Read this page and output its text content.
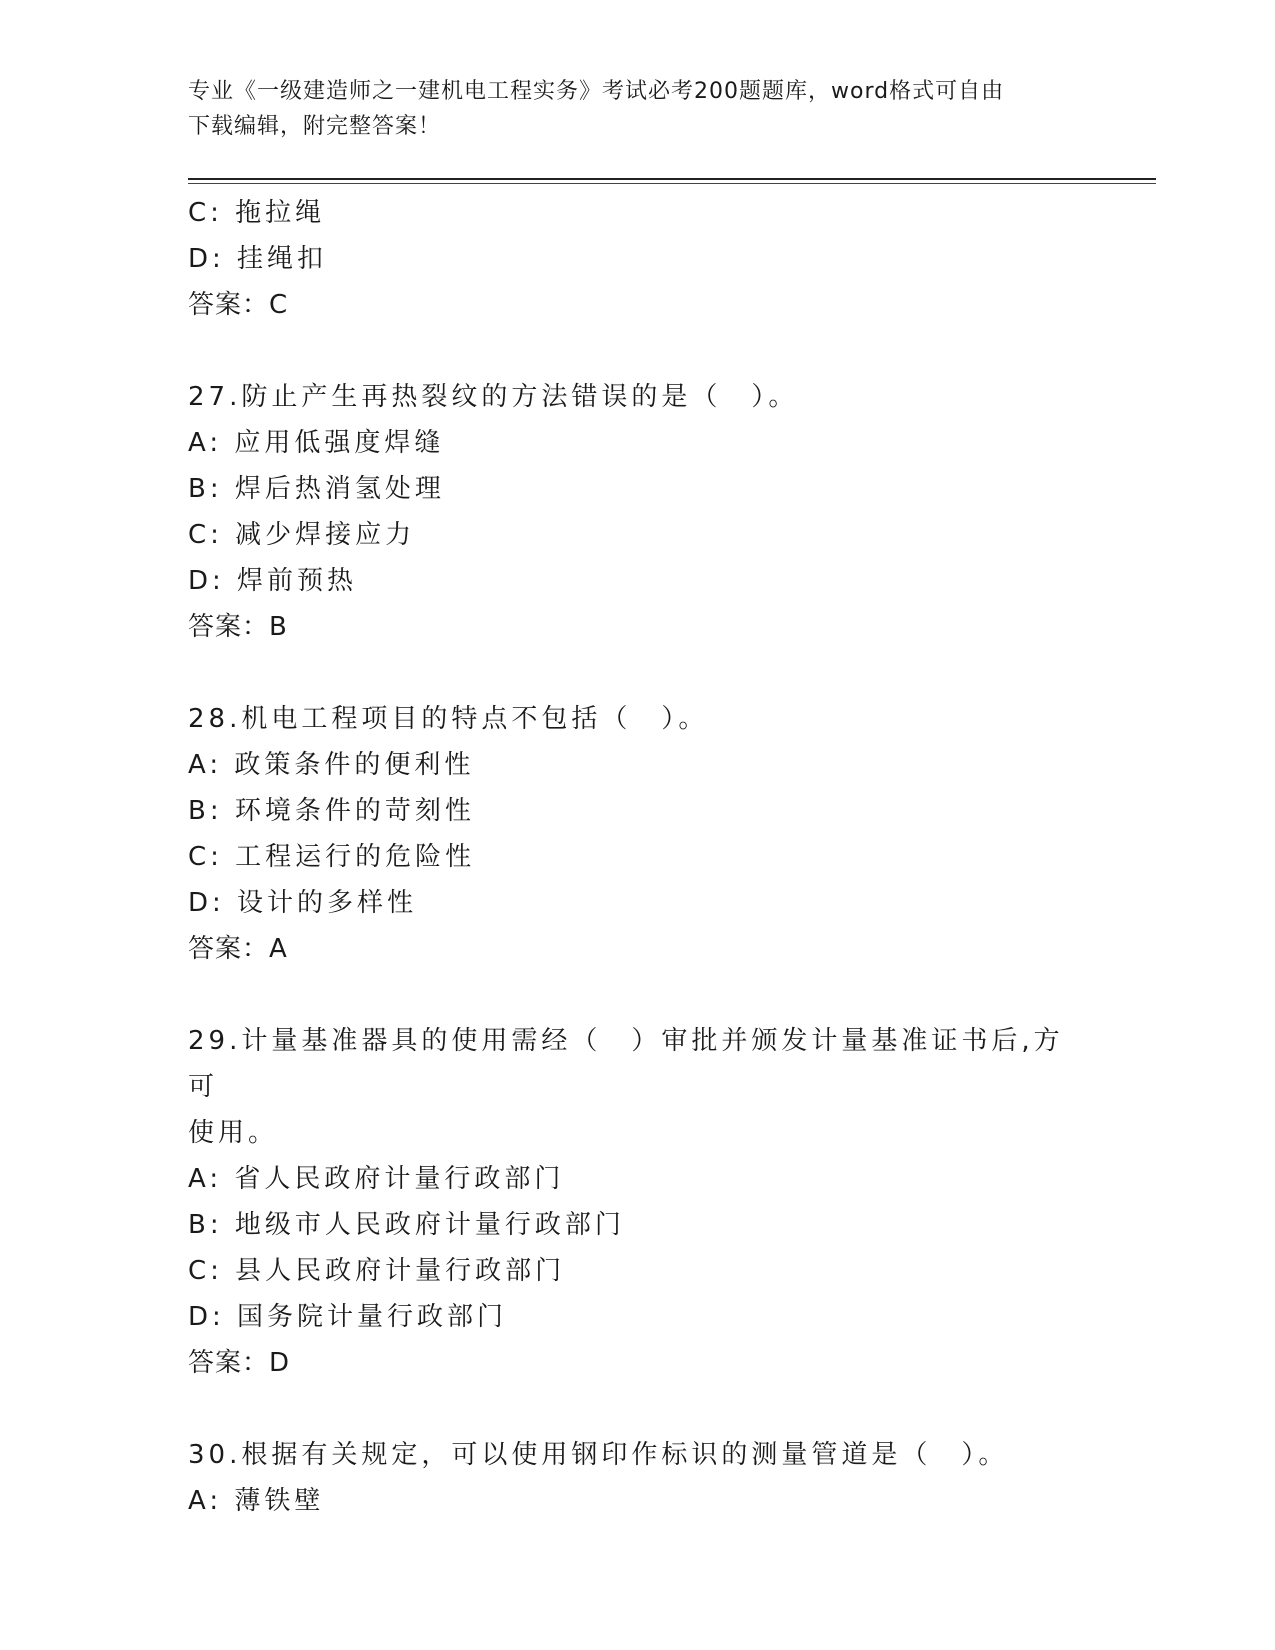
专业《一级建造师之一建机电工程实务》考试必考200题题库，word格式可自由
下载编辑，附完整答案！
C: 拖拉绳
D: 挂绳扣
答案：C
27.防止产生再热裂纹的方法错误的是（　）。
A: 应用低强度焊缝
B: 焊后热消氢处理
C: 减少焊接应力
D: 焊前预热
答案：B
28.机电工程项目的特点不包括（　）。
A: 政策条件的便利性
B: 环境条件的苛刻性
C: 工程运行的危险性
D: 设计的多样性
答案：A
29.计量基准器具的使用需经（　）审批并颁发计量基准证书后,方可
使用。
A: 省人民政府计量行政部门
B: 地级市人民政府计量行政部门
C: 县人民政府计量行政部门
D: 国务院计量行政部门
答案：D
30.根据有关规定，可以使用钢印作标识的测量管道是（　）。
A: 薄铁壁
